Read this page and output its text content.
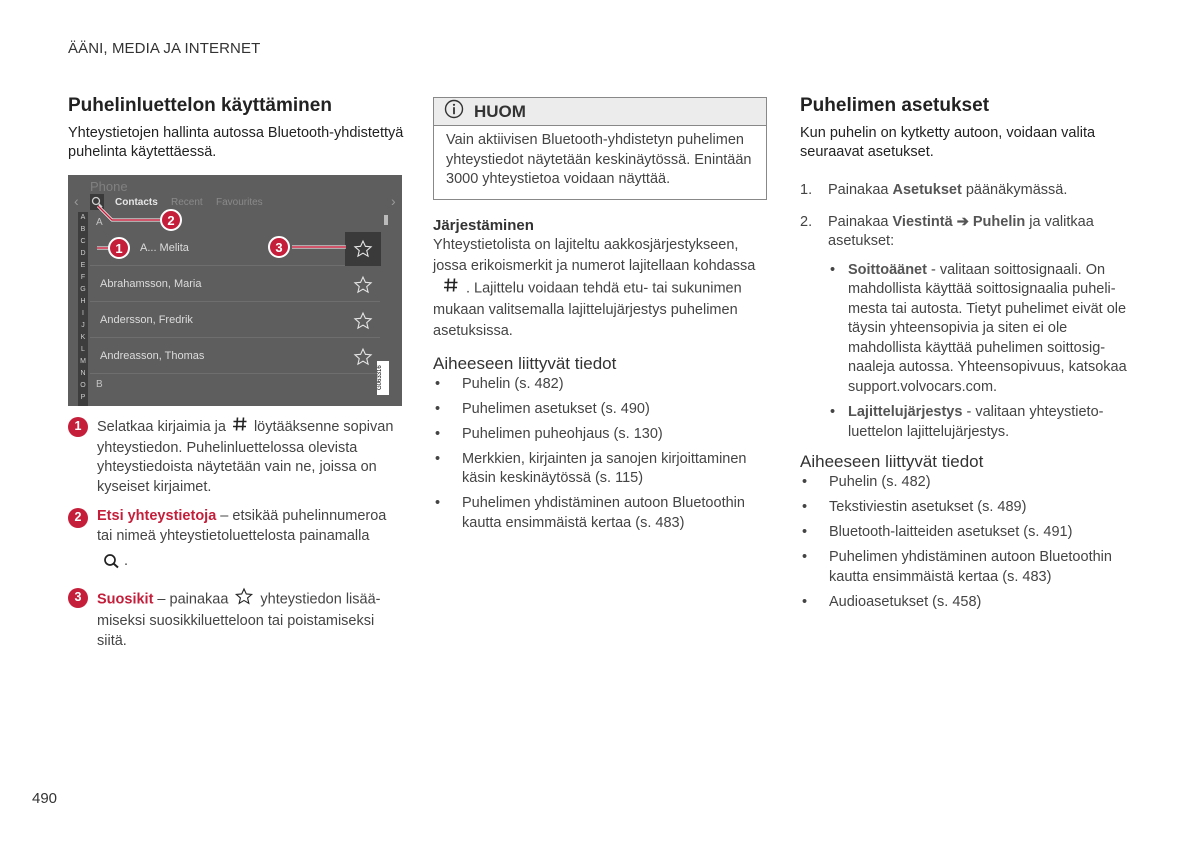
ÄÄNI, MEDIA JA INTERNET
Puhelinluettelon käyttäminen

Yhteystietojen hallinta autossa Bluetooth-yhdistettyä puhelinta käytettäessä.

Phone
‹	›
Contacts Recent Favourites
A
B
C
D
E
F
G
H
I
J
K
L
M
N
O
P
A
A... Melita
Abrahamsson, Maria
Andersson, Fredrik
Andreasson, Thomas
B	G063316
1
2
3
1	Selatkaa kirjaimia ja löytääksenne sopivan yhteystiedon. Puhelinluettelossa olevista yhteystiedoista näytetään vain ne, joissa on kyseiset kirjaimet.
2	Etsi yhteystietoja – etsikää puhelinnumeroa tai nimeä yhteystietoluettelosta painamalla
.
3	Suosikit – painakaa yhteystiedon lisäämiseksi suosikkiluetteloon tai poistamiseksi siitä.
HUOM
Vain aktiivisen Bluetooth-yhdistetyn puhelimen yhteystiedot näytetään keskinäytössä. Enintään 3000 yhteystietoa voidaan näyttää.
Järjestäminen

Yhteystietolista on lajiteltu aakkosjärjestykseen, jossa erikoismerkit ja numerot lajitellaan kohdassa. Lajittelu voidaan tehdä etu- tai sukunimen mukaan valitsemalla lajittelujärjestys puhelimen asetuksissa.

Aiheeseen liittyvät tiedot
• Puhelin (s. 482)
• Puhelimen asetukset (s. 490)
• Puhelimen puheohjaus (s. 130)
• Merkkien, kirjainten ja sanojen kirjoittaminen käsin keskinäytössä (s. 115)
• Puhelimen yhdistäminen autoon Bluetoothin kautta ensimmäistä kertaa (s. 483)
Puhelimen asetukset

Kun puhelin on kytketty autoon, voidaan valita seuraavat asetukset.

1. Painakaa Asetukset päänäkymässä.
2. Painakaa Viestintä ➔ Puhelin ja valitkaa asetukset:
• Soittoäänet - valitaan soittosignaali. On mahdollista käyttää soittosignaalia puhelimesta tai autosta. Tietyt puhelimet eivät ole täysin yhteensopivia ja siten ei ole mahdollista käyttää puhelimen soittosignaaleja autossa. Yhteensopivuus, katsokaa support.volvocars.com.
• Lajittelujärjestys - valitaan yhteystietoluettelon lajittelujärjestys.
Aiheeseen liittyvät tiedot
• Puhelin (s. 482)
• Tekstiviestin asetukset (s. 489)
• Bluetooth-laitteiden asetukset (s. 491)
• Puhelimen yhdistäminen autoon Bluetoothin kautta ensimmäistä kertaa (s. 483)
• Audioasetukset (s. 458)
490
